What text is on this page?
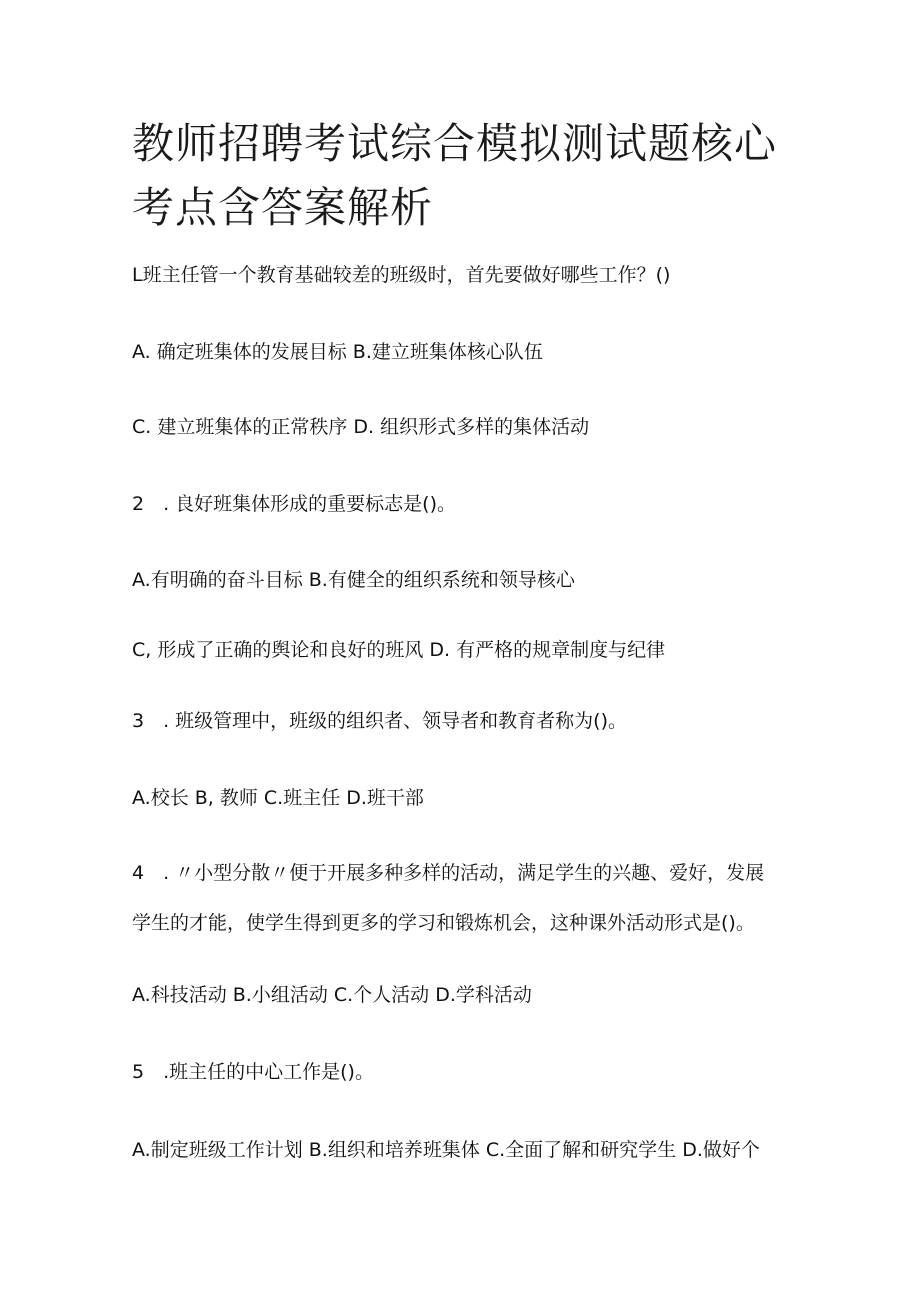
教师招聘考试综合模拟测试题核心
考点含答案解析

L班主任管一个教育基础较差的班级时，首先要做好哪些工作？()

A. 确定班集体的发展目标 B.建立班集体核心队伍

C. 建立班集体的正常秩序 D. 组织形式多样的集体活动

2　. 良好班集体形成的重要标志是()。

A.有明确的奋斗目标 B.有健全的组织系统和领导核心

C, 形成了正确的舆论和良好的班风 D. 有严格的规章制度与纪律

3　. 班级管理中，班级的组织者、领导者和教育者称为()。

A.校长 B, 教师 C.班主任 D.班干部

4　. 〃小型分散〃便于开展多种多样的活动，满足学生的兴趣、爱好，发展

学生的才能，使学生得到更多的学习和锻炼机会，这种课外活动形式是()。

A.科技活动 B.小组活动 C.个人活动 D.学科活动

5　.班主任的中心工作是()。

A.制定班级工作计划 B.组织和培养班集体 C.全面了解和研究学生 D.做好个
